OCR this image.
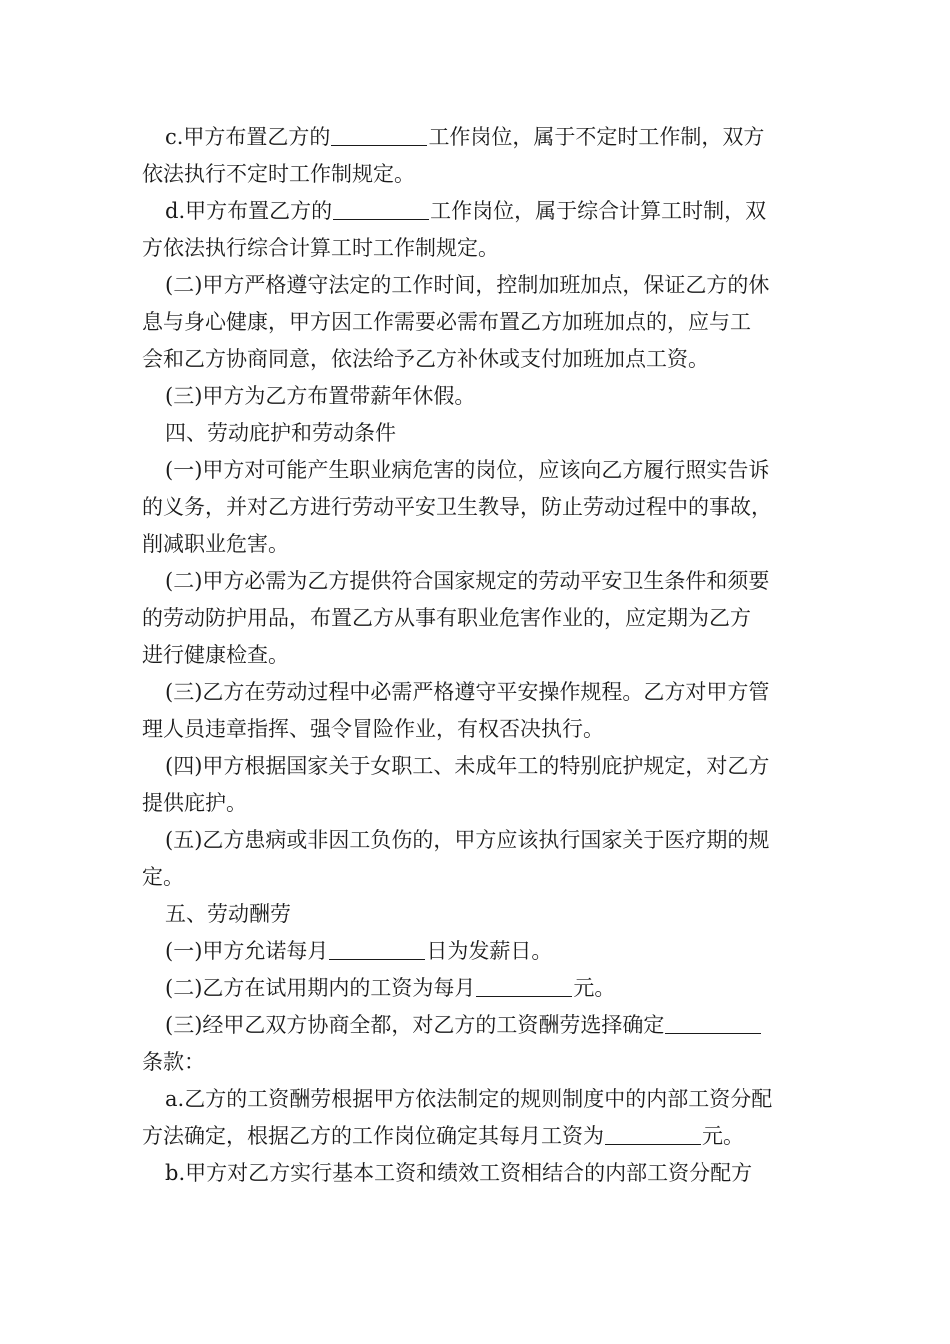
c.甲方布置乙方的	工作岗位，属于不定时工作制，双方
依法执行不定时工作制规定。
d.甲方布置乙方的	工作岗位，属于综合计算工时制，双
方依法执行综合计算工时工作制规定。
(二)甲方严格遵守法定的工作时间，控制加班加点，保证乙方的休
息与身心健康，甲方因工作需要必需布置乙方加班加点的，应与工
会和乙方协商同意，依法给予乙方补休或支付加班加点工资。
(三)甲方为乙方布置带薪年休假。
四、劳动庇护和劳动条件
(一)甲方对可能产生职业病危害的岗位，应该向乙方履行照实告诉
的义务，并对乙方进行劳动平安卫生教导，防止劳动过程中的事故，
削减职业危害。
(二)甲方必需为乙方提供符合国家规定的劳动平安卫生条件和须要
的劳动防护用品，布置乙方从事有职业危害作业的，应定期为乙方
进行健康检查。
(三)乙方在劳动过程中必需严格遵守平安操作规程。乙方对甲方管
理人员违章指挥、强令冒险作业，有权否决执行。
(四)甲方根据国家关于女职工、未成年工的特别庇护规定，对乙方
提供庇护。
(五)乙方患病或非因工负伤的，甲方应该执行国家关于医疗期的规
定。
五、劳动酬劳
(一)甲方允诺每月	日为发薪日。
(二)乙方在试用期内的工资为每月	元。
(三)经甲乙双方协商全都，对乙方的工资酬劳选择确定
条款：
a.乙方的工资酬劳根据甲方依法制定的规则制度中的内部工资分配
方法确定，根据乙方的工作岗位确定其每月工资为	元。
b.甲方对乙方实行基本工资和绩效工资相结合的内部工资分配方
